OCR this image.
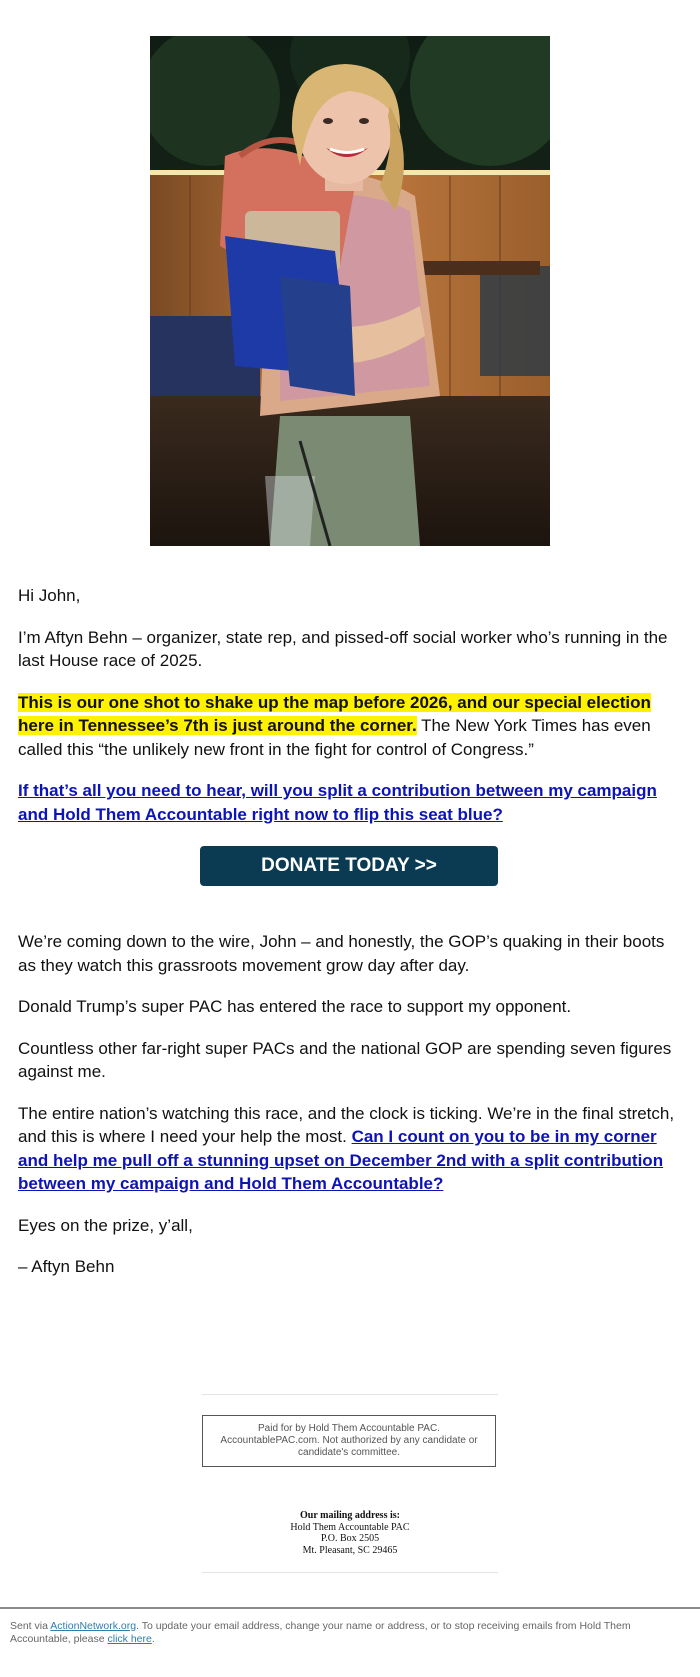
Hi John,

I’m Aftyn Behn – organizer, state rep, and pissed-off social worker who’s running in the last House race of 2025.

This is our one shot to shake up the map before 2026, and our special election here in Tennessee’s 7th is just around the corner. The New York Times has even called this “the unlikely new front in the fight for control of Congress.”

If that’s all you need to hear, will you split a contribution between my campaign and Hold Them Accountable right now to flip this seat blue?

DONATE TODAY >>

We’re coming down to the wire, John – and honestly, the GOP’s quaking in their boots as they watch this grassroots movement grow day after day.

Donald Trump’s super PAC has entered the race to support my opponent.

Countless other far-right super PACs and the national GOP are spending seven figures against me.

The entire nation’s watching this race, and the clock is ticking. We’re in the final stretch, and this is where I need your help the most. Can I count on you to be in my corner and help me pull off a stunning upset on December 2nd with a split contribution between my campaign and Hold Them Accountable?

Eyes on the prize, y’all,

– Aftyn Behn

Paid for by Hold Them Accountable PAC. AccountablePAC.com. Not authorized by any candidate or candidate's committee.
Our mailing address is:
Hold Them Accountable PAC
P.O. Box 2505
Mt. Pleasant, SC 29465
Sent via ActionNetwork.org. To update your email address, change your name or address, or to stop receiving emails from Hold Them Accountable, please click here.
